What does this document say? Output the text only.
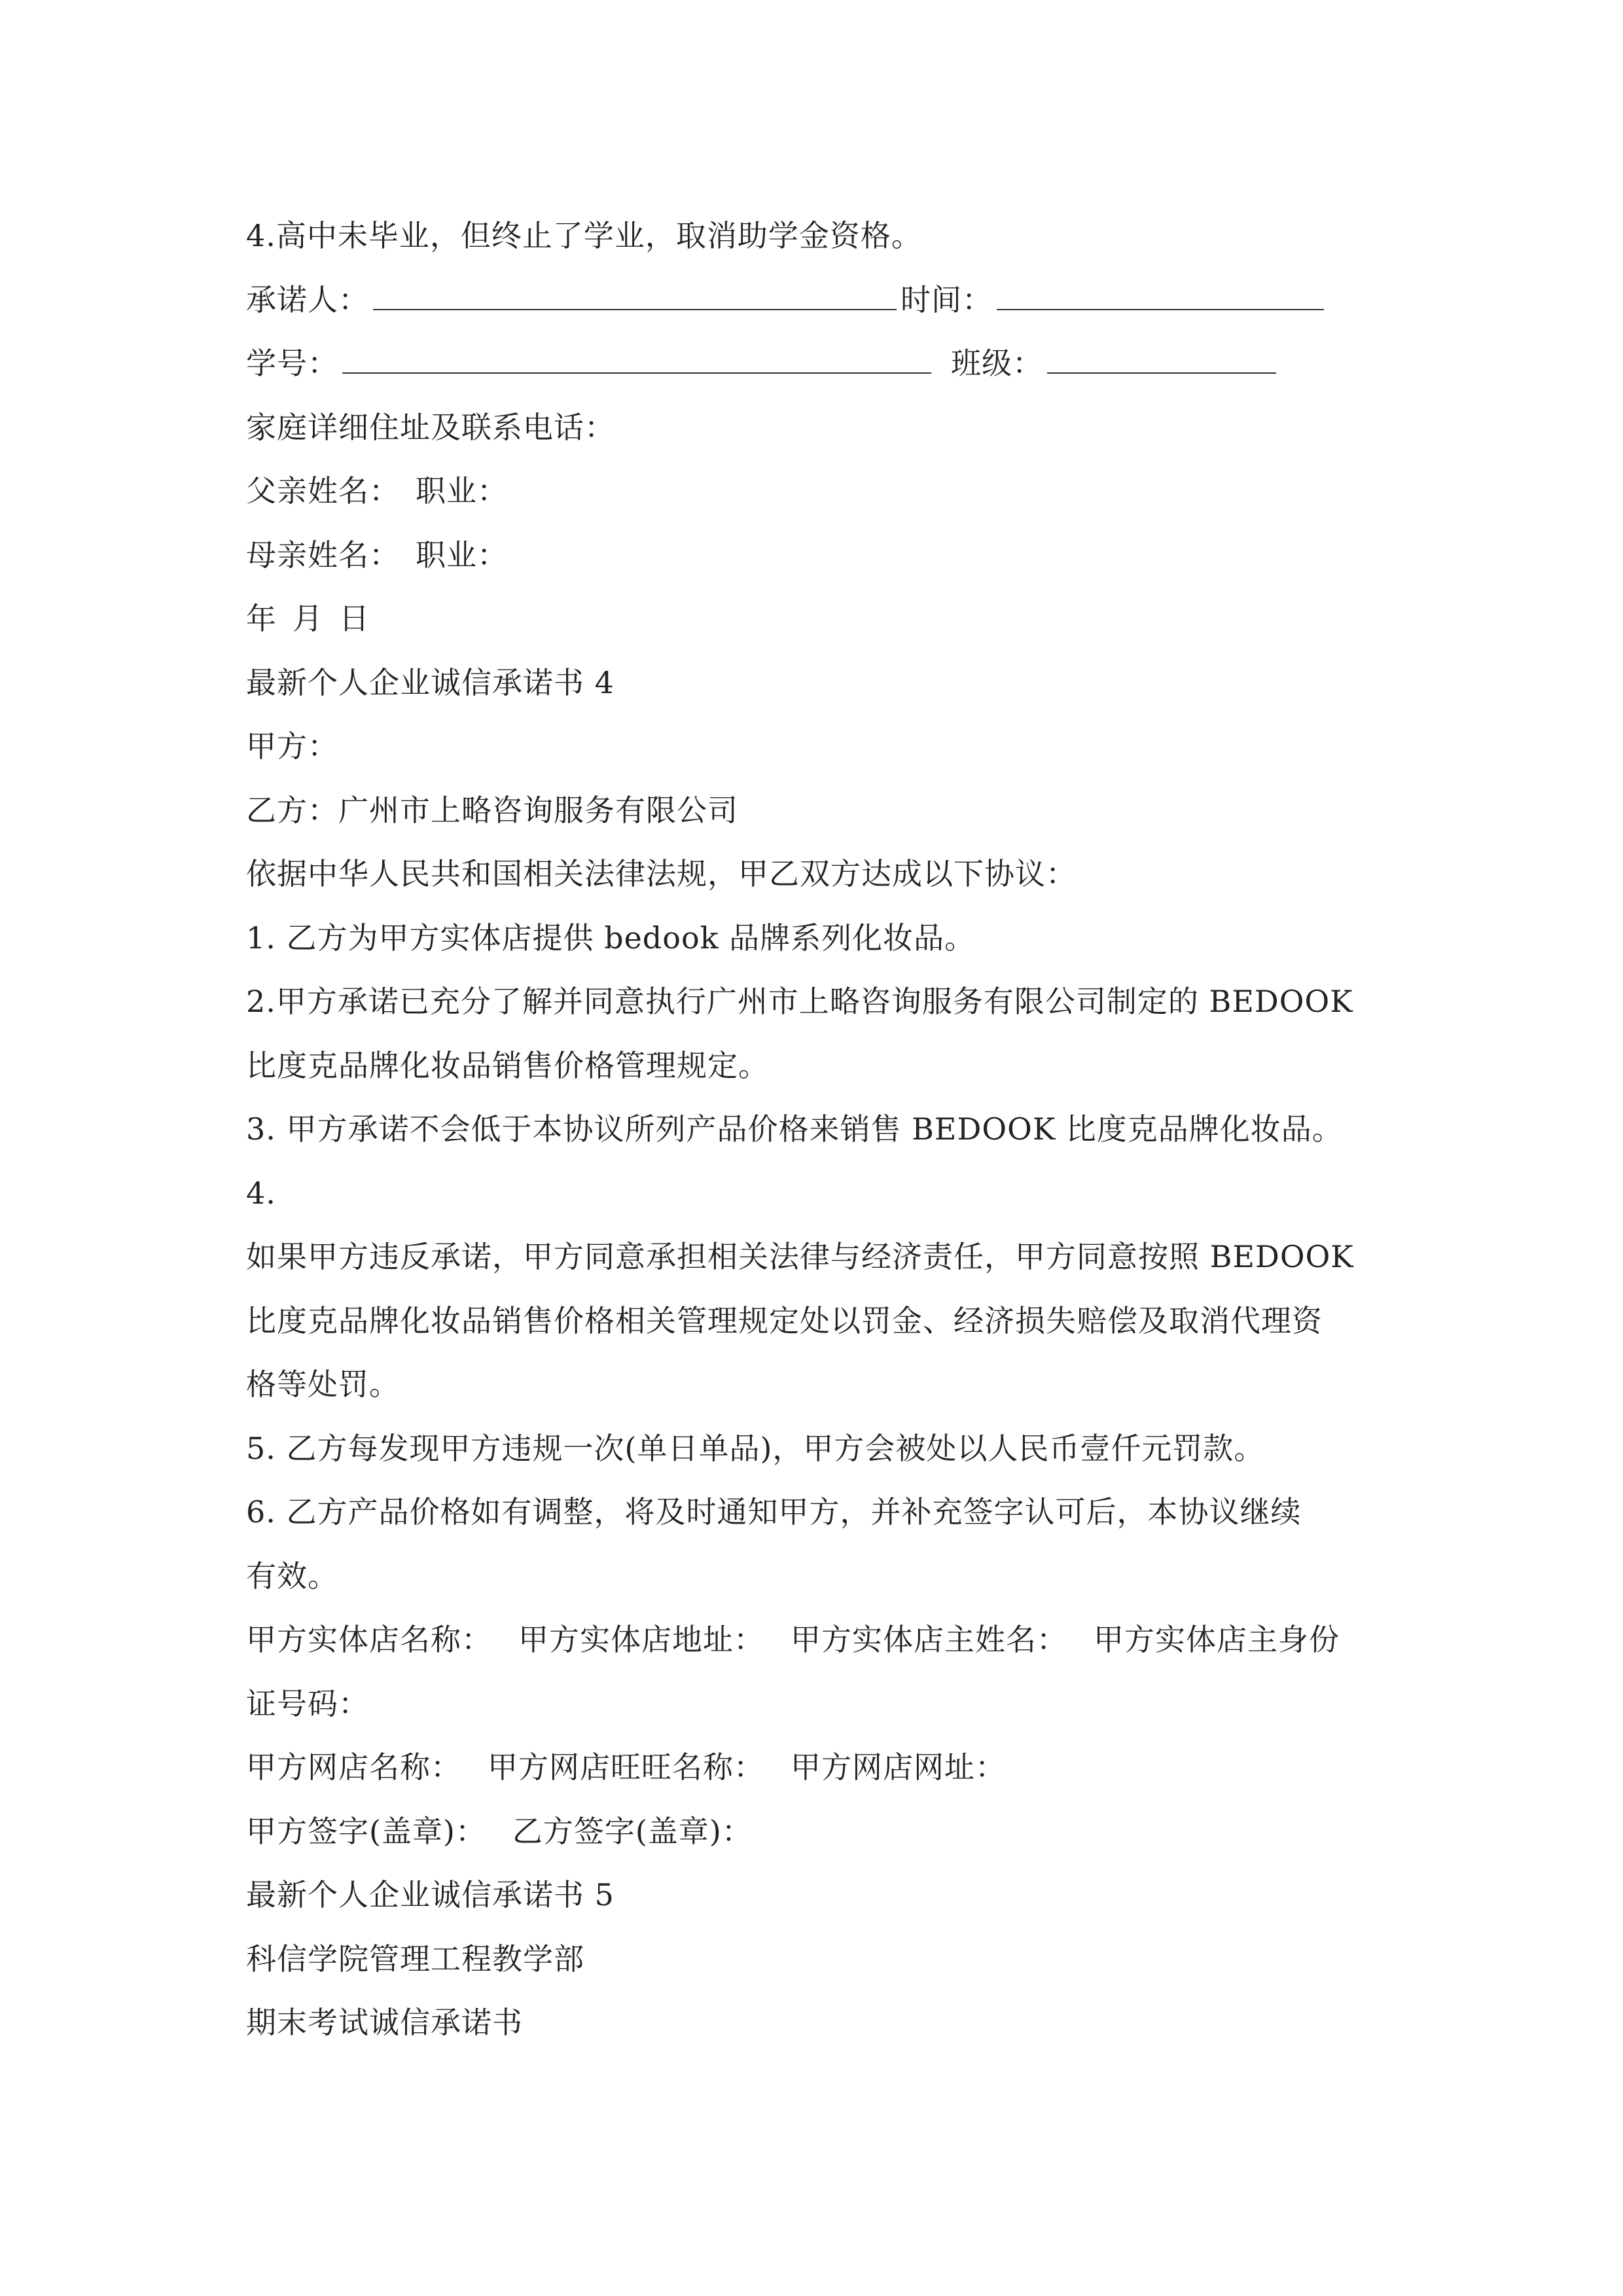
4.高中未毕业，但终止了学业，取消助学金资格。
承诺人：	时间：
学号：	班级：
家庭详细住址及联系电话：
父亲姓名： 职业：
母亲姓名： 职业：
年 月 日
最新个人企业诚信承诺书 4
甲方：
乙方：广州市上略咨询服务有限公司
依据中华人民共和国相关法律法规，甲乙双方达成以下协议：
1. 乙方为甲方实体店提供 bedook 品牌系列化妆品。
2.甲方承诺已充分了解并同意执行广州市上略咨询服务有限公司制定的 BEDOOK
比度克品牌化妆品销售价格管理规定。
3. 甲方承诺不会低于本协议所列产品价格来销售 BEDOOK 比度克品牌化妆品。
4.
如果甲方违反承诺，甲方同意承担相关法律与经济责任，甲方同意按照 BEDOOK
比度克品牌化妆品销售价格相关管理规定处以罚金、经济损失赔偿及取消代理资
格等处罚。
5. 乙方每发现甲方违规一次(单日单品)，甲方会被处以人民币壹仟元罚款。
6. 乙方产品价格如有调整，将及时通知甲方，并补充签字认可后，本协议继续
有效。
甲方实体店名称： 甲方实体店地址： 甲方实体店主姓名： 甲方实体店主身份
证号码：
甲方网店名称： 甲方网店旺旺名称： 甲方网店网址：
甲方签字(盖章)： 乙方签字(盖章)：
最新个人企业诚信承诺书 5
科信学院管理工程教学部
期末考试诚信承诺书
